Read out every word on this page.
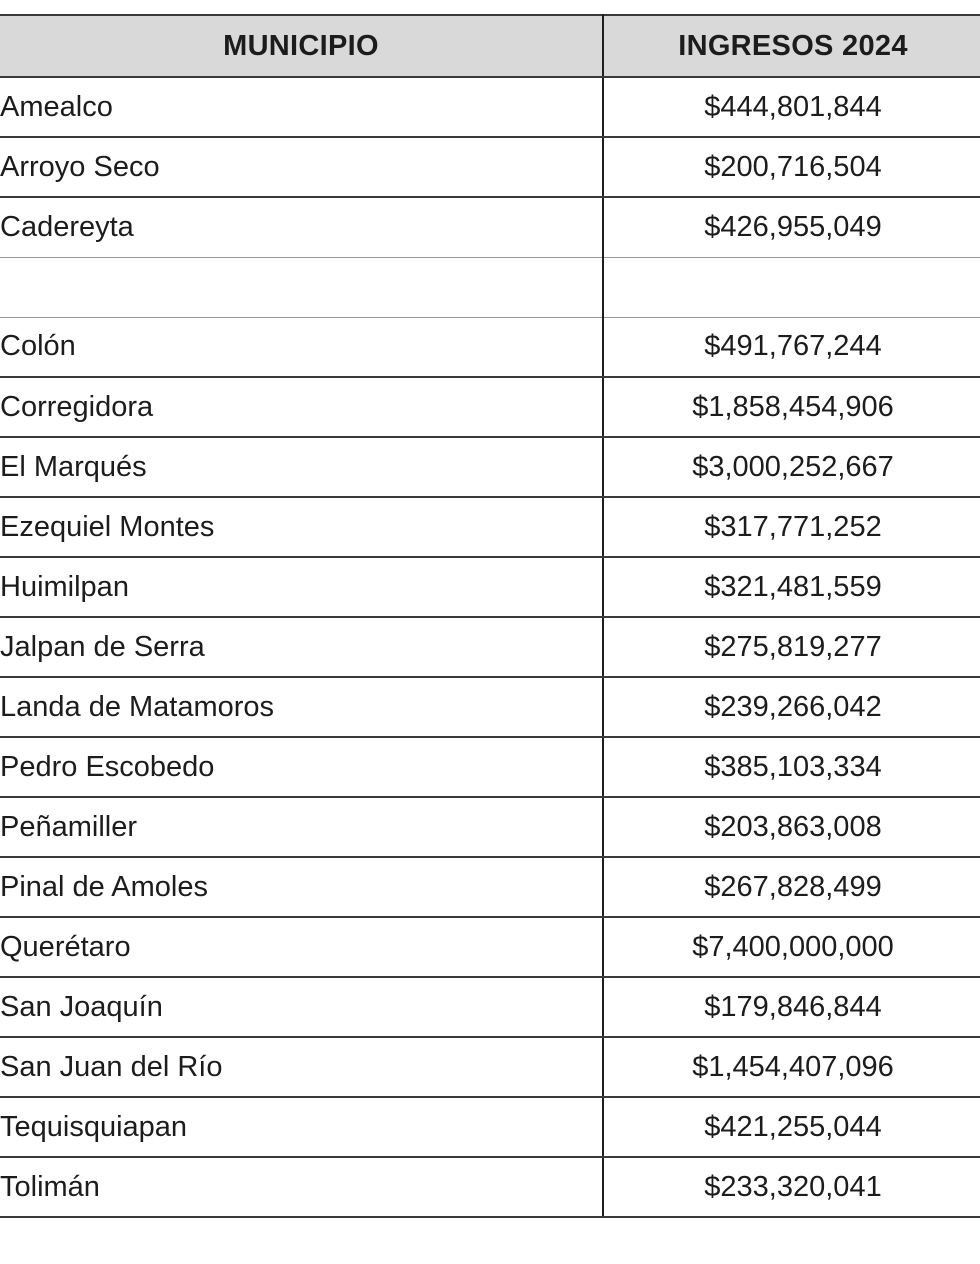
MUNICIPIO	INGRESOS 2024
Amealco	$444,801,844
Arroyo Seco	$200,716,504
Cadereyta	$426,955,049

Colón	$491,767,244
Corregidora	$1,858,454,906
El Marqués	$3,000,252,667
Ezequiel Montes	$317,771,252
Huimilpan	$321,481,559
Jalpan de Serra	$275,819,277
Landa de Matamoros	$239,266,042
Pedro Escobedo	$385,103,334
Peñamiller	$203,863,008
Pinal de Amoles	$267,828,499
Querétaro	$7,400,000,000
San Joaquín	$179,846,844
San Juan del Río	$1,454,407,096
Tequisquiapan	$421,255,044
Tolimán	$233,320,041
